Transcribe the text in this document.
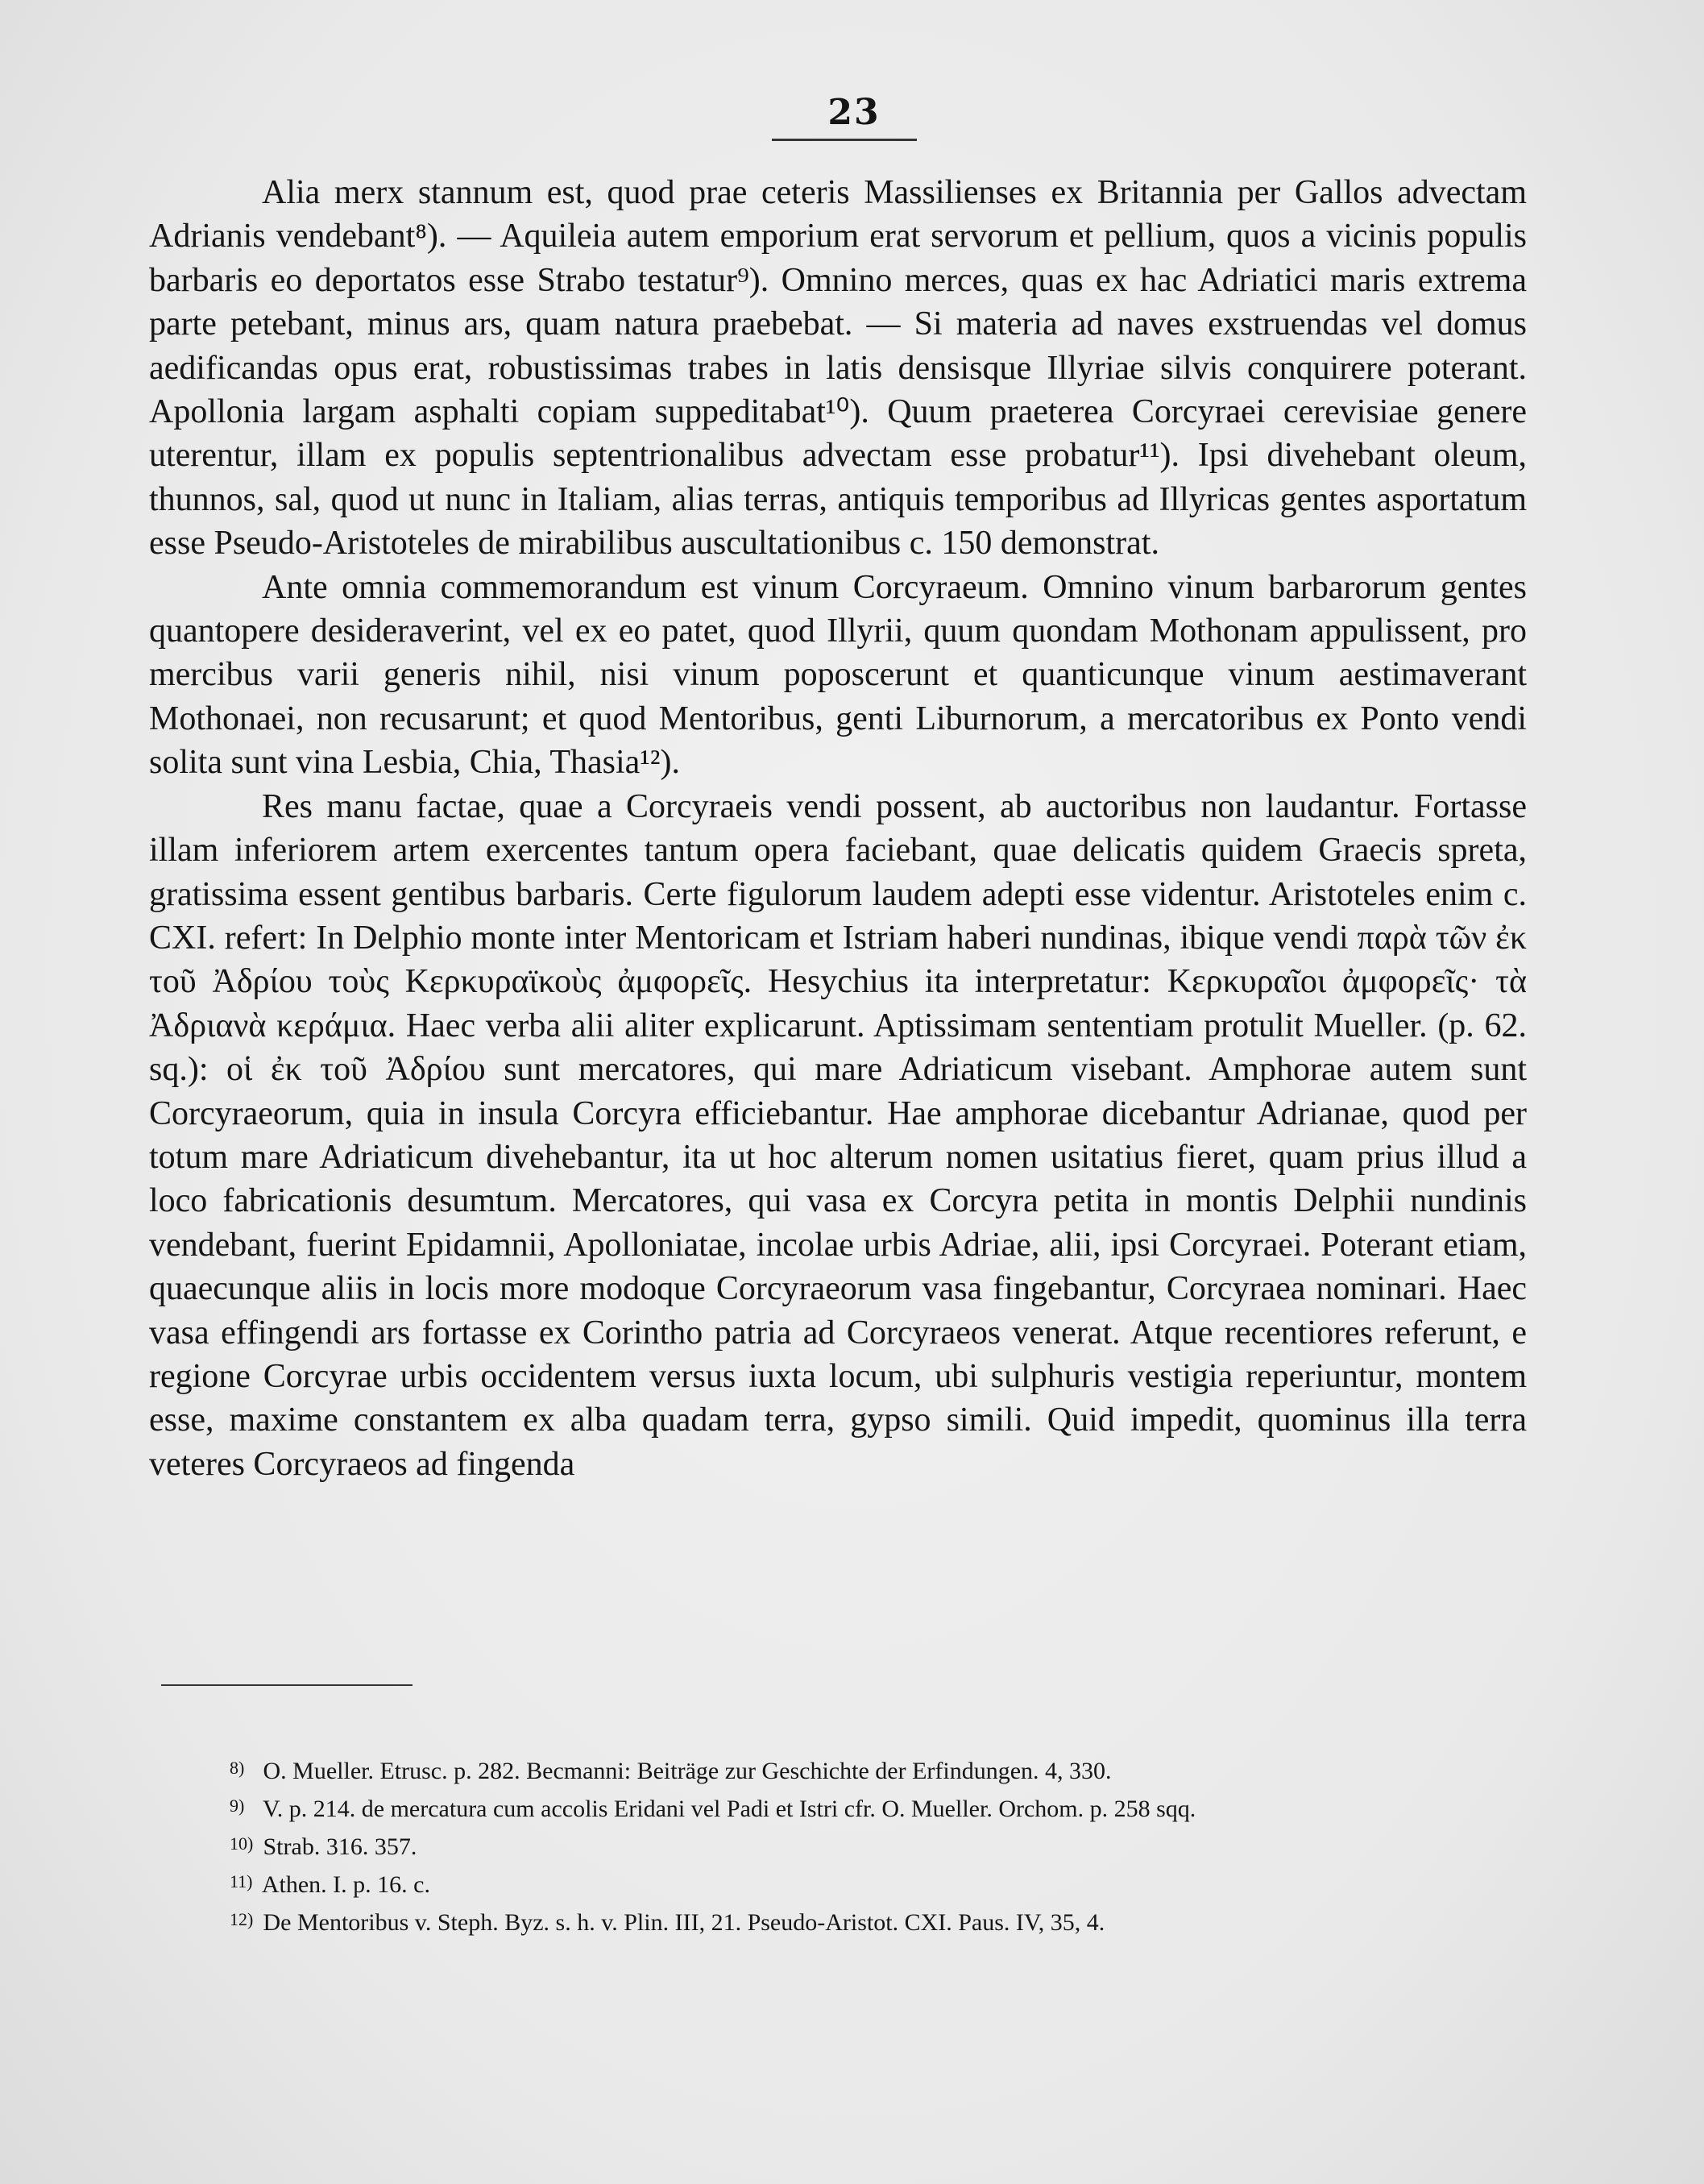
23

Alia merx stannum est, quod prae ceteris Massilienses ex Britannia per Gallos advectam Adrianis vendebant⁸). — Aquileia autem emporium erat servorum et pellium, quos a vicinis populis barbaris eo deportatos esse Strabo testatur⁹). Omnino merces, quas ex hac Adriatici maris extrema parte petebant, minus ars, quam natura praebebat. — Si materia ad naves exstruendas vel domus aedificandas opus erat, robustissimas trabes in latis densisque Illyriae silvis conquirere poterant. Apollonia largam asphalti copiam suppeditabat¹⁰). Quum praeterea Corcyraei cerevisiae genere uterentur, illam ex populis septentrionalibus advectam esse probatur¹¹). Ipsi divehebant oleum, thunnos, sal, quod ut nunc in Italiam, alias terras, antiquis temporibus ad Illyricas gentes asportatum esse Pseudo-Aristoteles de mirabilibus auscultationibus c. 150 demonstrat.

Ante omnia commemorandum est vinum Corcyraeum. Omnino vinum barbarorum gentes quantopere desideraverint, vel ex eo patet, quod Illyrii, quum quondam Mothonam appulissent, pro mercibus varii generis nihil, nisi vinum poposcerunt et quanticunque vinum aestimaverant Mothonaei, non recusarunt; et quod Mentoribus, genti Liburnorum, a mercatoribus ex Ponto vendi solita sunt vina Lesbia, Chia, Thasia¹²).

Res manu factae, quae a Corcyraeis vendi possent, ab auctoribus non laudantur. Fortasse illam inferiorem artem exercentes tantum opera faciebant, quae delicatis quidem Graecis spreta, gratissima essent gentibus barbaris. Certe figulorum laudem adepti esse videntur. Aristoteles enim c. CXI. refert: In Delphio monte inter Mentoricam et Istriam haberi nundinas, ibique vendi παρὰ τῶν ἐκ τοῦ Ἀδρίου τοὺς Κερκυραϊκοὺς ἀμφορεῖς. Hesychius ita interpretatur: Κερκυραῖοι ἀμφορεῖς· τὰ Ἀδριανὰ κεράμια. Haec verba alii aliter explicarunt. Aptissimam sententiam protulit Mueller. (p. 62. sq.): οἱ ἐκ τοῦ Ἀδρίου sunt mercatores, qui mare Adriaticum visebant. Amphorae autem sunt Corcyraeorum, quia in insula Corcyra efficiebantur. Hae amphorae dicebantur Adrianae, quod per totum mare Adriaticum divehebantur, ita ut hoc alterum nomen usitatius fieret, quam prius illud a loco fabricationis desumtum. Mercatores, qui vasa ex Corcyra petita in montis Delphii nundinis vendebant, fuerint Epidamnii, Apolloniatae, incolae urbis Adriae, alii, ipsi Corcyraei. Poterant etiam, quaecunque aliis in locis more modoque Corcyraeorum vasa fingebantur, Corcyraea nominari. Haec vasa effingendi ars fortasse ex Corintho patria ad Corcyraeos venerat. Atque recentiores referunt, e regione Corcyrae urbis occidentem versus iuxta locum, ubi sulphuris vestigia reperiuntur, montem esse, maxime constantem ex alba quadam terra, gypso simili. Quid impedit, quominus illa terra veteres Corcyraeos ad fingenda

8) O. Mueller. Etrusc. p. 282. Becmanni: Beiträge zur Geschichte der Erfindungen. 4, 330.

9) V. p. 214. de mercatura cum accolis Eridani vel Padi et Istri cfr. O. Mueller. Orchom. p. 258 sqq.

10) Strab. 316. 357.

11) Athen. I. p. 16. c.

12) De Mentoribus v. Steph. Byz. s. h. v. Plin. III, 21. Pseudo-Aristot. CXI. Paus. IV, 35, 4.
